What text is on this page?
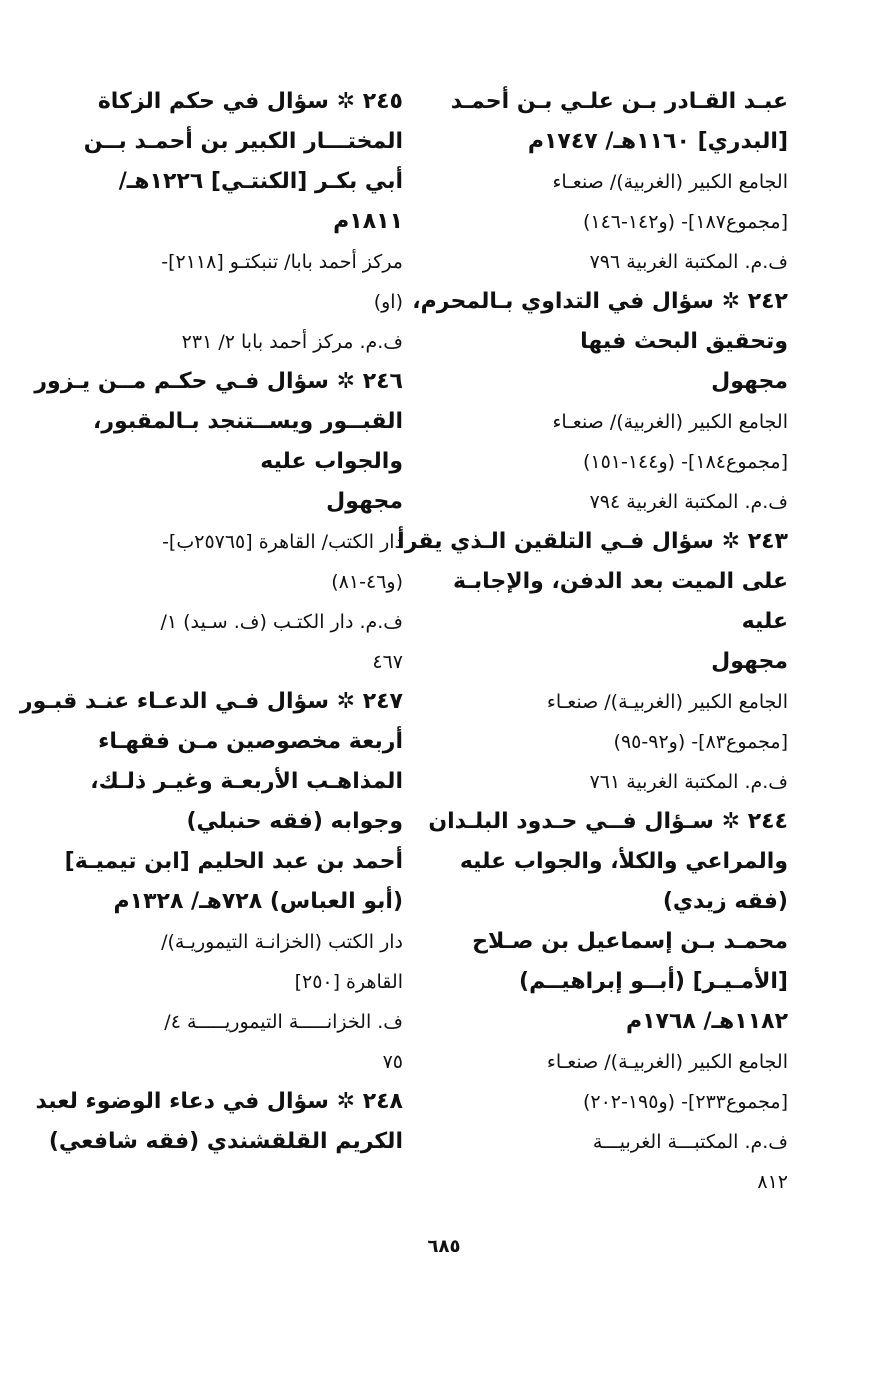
عبـد القـادر بـن علـي بـن أحمـد
[البدري] ١١٦٠هـ/ ١٧٤٧م
الجامع الكبير (الغربية)/ صنعـاء
[مجموع١٨٧]- (و١٤٢-١٤٦)
ف.م. المكتبة الغربية ٧٩٦
٢٤٢ ✲ سؤال في التداوي بـالمحرم،
وتحقيق البحث فيها
مجهول
الجامع الكبير (الغربية)/ صنعـاء
[مجموع١٨٤]- (و١٤٤-١٥١)
ف.م. المكتبة الغربية ٧٩٤
٢٤٣ ✲ سؤال فـي التلقين الـذي يقرأ
على الميت بعد الدفن، والإجابـة
عليه
مجهول
الجامع الكبير (الغربيـة)/ صنعـاء
[مجموع٨٣]- (و٩٢-٩٥)
ف.م. المكتبة الغربية ٧٦١
٢٤٤ ✲ سـؤال فــي حـدود البلـدان
والمراعي والكلأ، والجواب عليه
(فقه زيدي)
محمـد بـن إسماعيل بن صـلاح
[الأمـيـر] (أبــو إبراهيــم)
١١٨٢هـ/ ١٧٦٨م
الجامع الكبير (الغربيـة)/ صنعـاء
[مجموع٢٣٣]- (و١٩٥-٢٠٢)
ف.م. المكتبـــة الغربيـــة
٨١٢
٢٤٥ ✲ سؤال في حكم الزكاة
المختـــار الكبير بن أحمـد بــن
أبي بكـر [الكنتـي] ١٢٢٦هـ/
١٨١١م
مركز أحمد بابا/ تنبكتـو [٢١١٨]-
(او)
ف.م. مركز أحمد بابا ٢/ ٢٣١
٢٤٦ ✲ سؤال فـي حكـم مــن يـزور
القبــور ويســتنجد بـالمقبور،
والجواب عليه
مجهول
دار الكتب/ القاهرة [٢٥٧٦٥ب]-
(و٤٦-٨١)
ف.م. دار الكتـب (ف. سـيد) ١/
٤٦٧
٢٤٧ ✲ سؤال فـي الدعـاء عنـد قبـور
أربعة مخصوصين مـن فقهـاء
المذاهـب الأربعـة وغيـر ذلـك،
وجوابه (فقه حنبلي)
أحمد بن عبد الحليم [ابن تيميـة]
(أبو العباس) ٧٢٨هـ/ ١٣٢٨م
دار الكتب (الخزانـة التيموريـة)/
القاهرة [٢٥٠]
ف. الخزانـــــة التيموريـــــة ٤/
٧٥
٢٤٨ ✲ سؤال في دعاء الوضوء لعبد
الكريم القلقشندي (فقه شافعي)
٦٨٥
